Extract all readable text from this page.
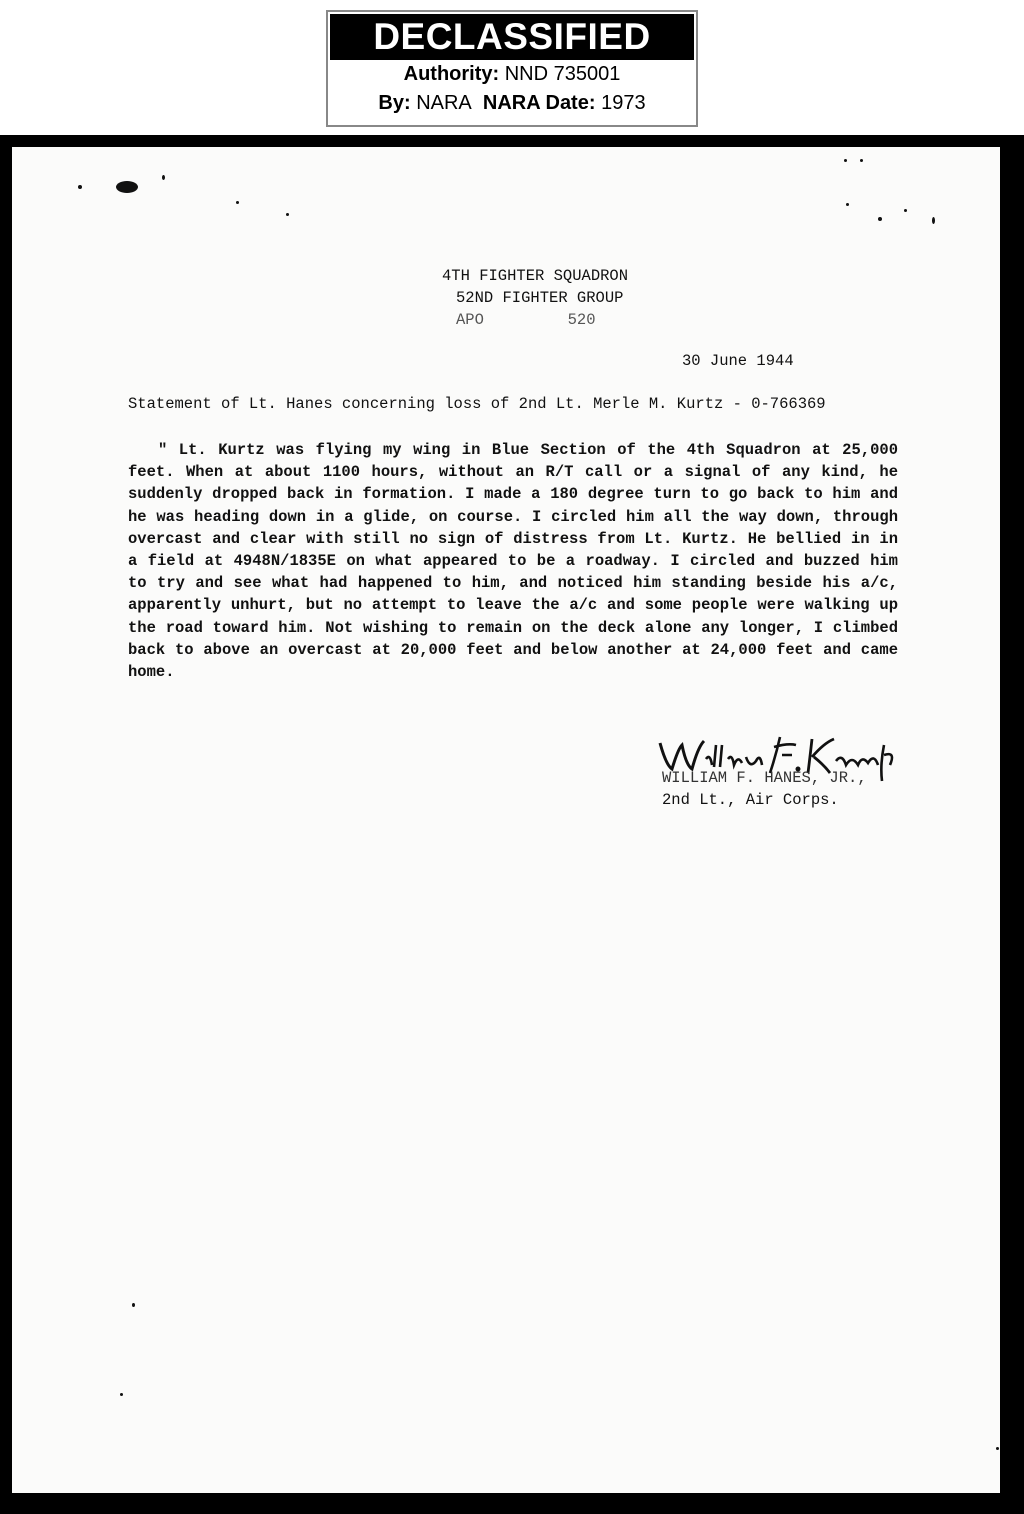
DECLASSIFIED
Authority: NND 735001
By: NARA NARA Date: 1973
4TH FIGHTER SQUADRON
52ND FIGHTER GROUP
APO         520
30 June 1944
Statement of Lt. Hanes concerning loss of 2nd Lt. Merle M. Kurtz - 0-766369

" Lt. Kurtz was flying my wing in Blue Section of the 4th Squadron at 25,000 feet. When at about 1100 hours, without an R/T call or a signal of any kind, he suddenly dropped back in formation. I made a 180 degree turn to go back to him and he was heading down in a glide, on course. I circled him all the way down, through overcast and clear with still no sign of distress from Lt. Kurtz. He bellied in in a field at 4948N/1835E on what appeared to be a roadway. I circled and buzzed him to try and see what had happened to him, and noticed him standing beside his a/c, apparently unhurt, but no attempt to leave the a/c and some people were walking up the road toward him. Not wishing to remain on the deck alone any longer, I climbed back to above an overcast at 20,000 feet and below another at 24,000 feet and came home.

WILLIAM F. HANES, JR.,
2nd Lt., Air Corps.
